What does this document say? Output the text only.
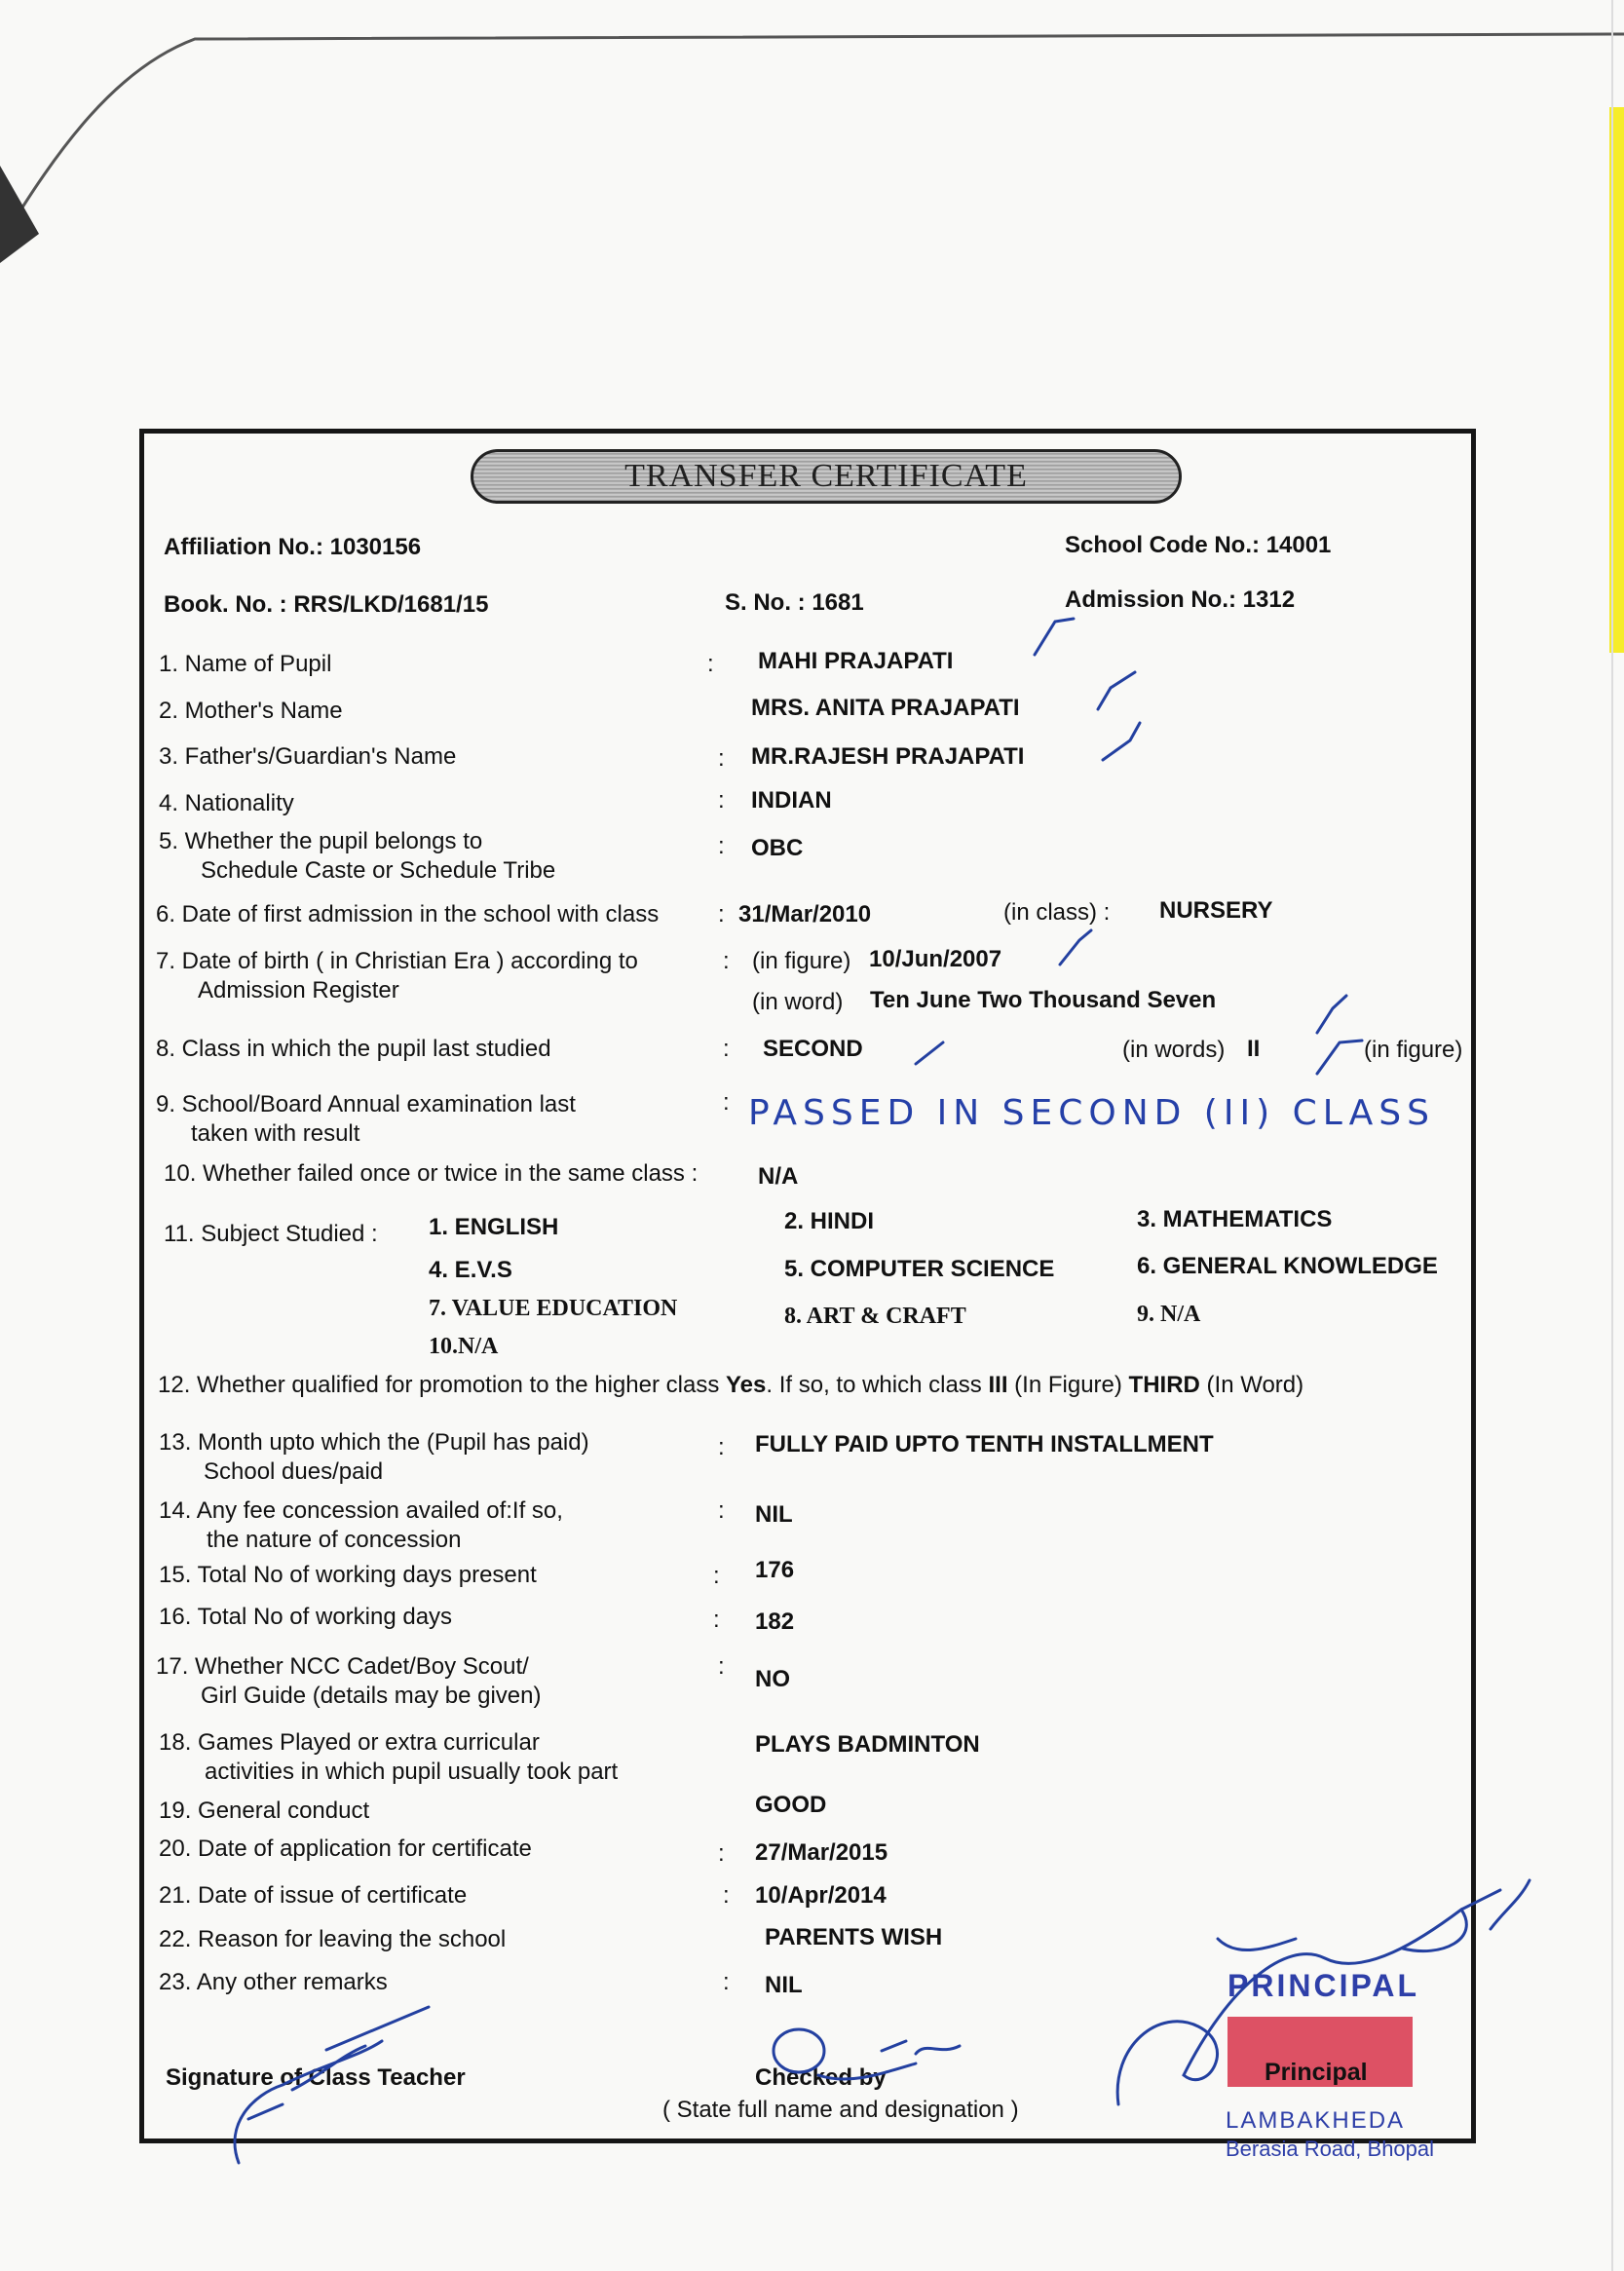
TRANSFER CERTIFICATE
Affiliation No.: 1030156	School Code No.: 14001
Book. No. : RRS/LKD/1681/15	S. No. : 1681	Admission No.: 1312
1. Name of Pupil	: MAHI PRAJAPATI
2. Mother's Name	MRS. ANITA PRAJAPATI
3. Father's/Guardian's Name	: MR.RAJESH PRAJAPATI
4. Nationality	: INDIAN
5. Whether the pupil belongs to
Schedule Caste or Schedule Tribe
: OBC
6. Date of first admission in the school with class	: 31/Mar/2010	(in class) : NURSERY
7. Date of birth ( in Christian Era ) according to
Admission Register
: (in figure) 10/Jun/2007
(in word) Ten June Two Thousand Seven
8. Class in which the pupil last studied	: SECOND	(in words) II	(in figure)
9. School/Board Annual examination last
taken with result
: PASSED IN SECOND (II) CLASS
10. Whether failed once or twice in the same class :	N/A
11. Subject Studied : 1. ENGLISH	2. HINDI	3. MATHEMATICS
4. E.V.S	5. COMPUTER SCIENCE	6. GENERAL KNOWLEDGE
7. VALUE EDUCATION	8. ART & CRAFT	9. N/A
10.N/A
12. Whether qualified for promotion to the higher class Yes. If so, to which class III (In Figure) THIRD (In Word)
13. Month upto which the (Pupil has paid)
School dues/paid
: FULLY PAID UPTO TENTH INSTALLMENT
14. Any fee concession availed of:If so,
the nature of concession
: NIL
15. Total No of working days present	: 176
16. Total No of working days	: 182
17. Whether NCC Cadet/Boy Scout/
Girl Guide (details may be given)
: NO
18. Games Played or extra curricular
activities in which pupil usually took part
PLAYS BADMINTON
19. General conduct	GOOD
20. Date of application for certificate	: 27/Mar/2015
21. Date of issue of certificate	: 10/Apr/2014
22. Reason for leaving the school	PARENTS WISH
23. Any other remarks	: NIL
Signature of Class Teacher	Checked by
( State full name and designation )
PRINCIPAL
Principal
LAMBAKHEDA
Berasia Road, Bhopal
